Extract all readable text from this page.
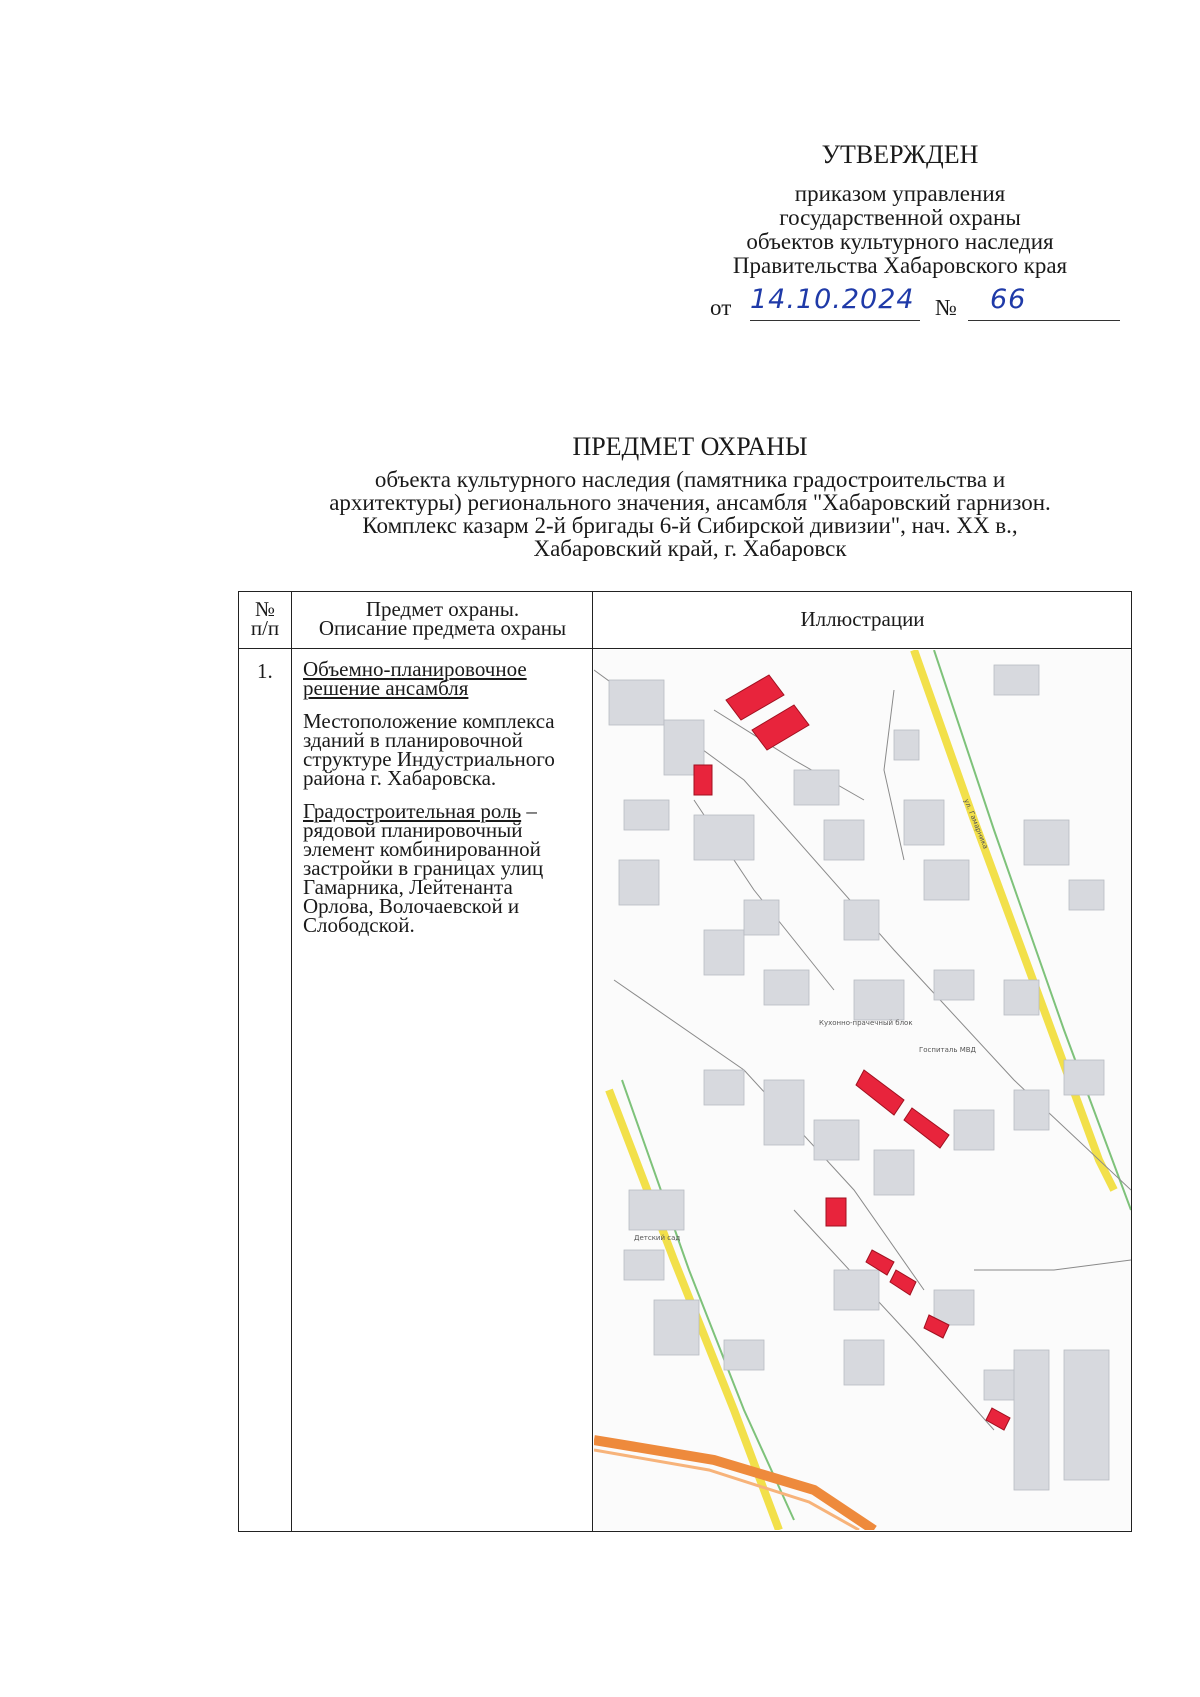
УТВЕРЖДЕН
приказом управления
государственной охраны
объектов культурного наследия
Правительства Хабаровского края
от 14.10.2024 № 66
ПРЕДМЕТ ОХРАНЫ
объекта культурного наследия (памятника градостроительства и
архитектуры) регионального значения, ансамбля "Хабаровский гарнизон.
Комплекс казарм 2-й бригады 6-й Сибирской дивизии", нач. XX в.,
Хабаровский край, г. Хабаровск
№
п/п
Предмет охраны.
Описание предмета охраны	Иллюстрации
1. Объемно-планировочное
решение ансамбля

Местоположение комплекса
зданий в планировочной
структуре Индустриального
района г. Хабаровска.

Градостроительная роль –
рядовой планировочный
элемент комбинированной
застройки в границах улиц
Гамарника, Лейтенанта
Орлова, Волочаевской и
Слободской.

Кухонно-прачечный блок
Госпиталь МВД
Детский сад
ул. Гамарника
